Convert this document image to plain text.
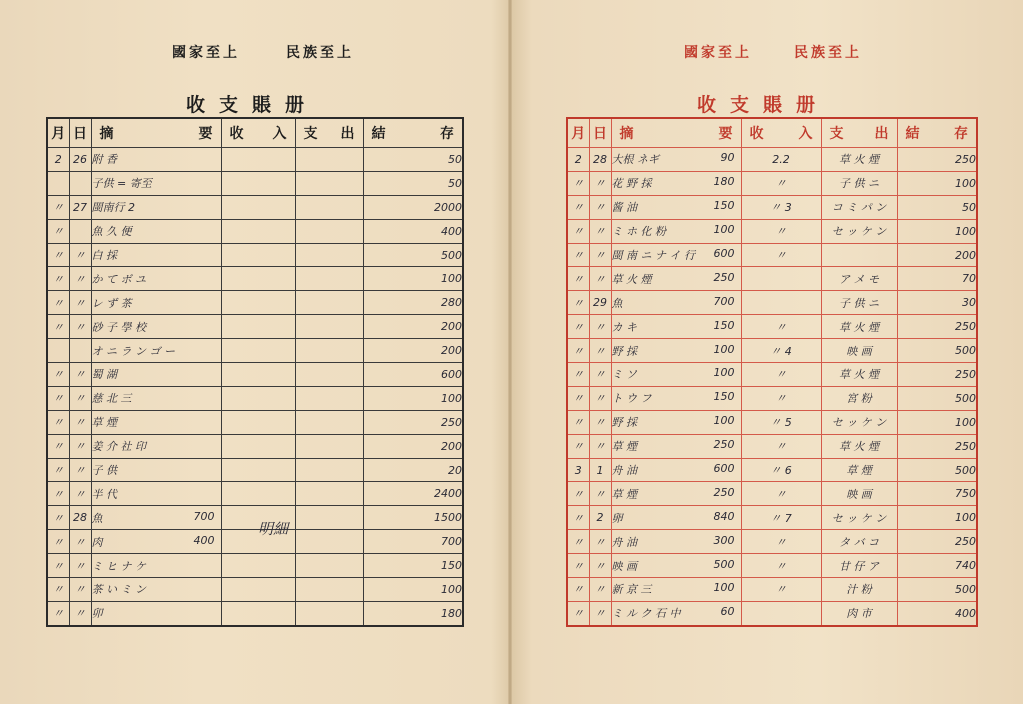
國家至上	民族至上
收支賬册
月	日	摘 要	收 入	支 出	結 存

2	26	附 香			50
		子供 = 寄至			50
〃	27	閩南行 2			2000
〃		魚 久 便			400
〃	〃	白 採			500
〃	〃	か て ボ ユ			100
〃	〃	レ ず 茶			280
〃	〃	砂 子 學 校			200
		オ ニ ラ ン ゴ ー			200
〃	〃	蜀 湖			600
〃	〃	慈 北 三			100
〃	〃	草 煙			250
〃	〃	姜 介 社 印			200
〃	〃	子 供			20
〃	〃	半 代			2400
〃	28	魚 700			1500
〃	〃	肉 400			700
〃	〃	ミ ヒ ナ ケ			150
〃	〃	茶 い ミ ン			100
〃	〃	卯			180
明細
國家至上	民族至上
收支賬册
月	日	摘 要	收 入	支 出	結 存

2	28	大根 ネギ 90	2.2	草 火 煙	250
〃	〃	花 野 採 180	〃	子 供 ニ	100
〃	〃	酱 油 150	〃 3	コ ミ パ ン	50
〃	〃	ミ ホ 化 粉 100	〃	セ ッ ケ ン	100
〃	〃	閩 南 ニ ナ イ 行 600	〃		200
〃	〃	草 火 煙 250		ア メ モ	70
〃	29	魚 700		子 供 ニ	30
〃	〃	カ キ 150	〃	草 火 煙	250
〃	〃	野 採 100	〃 4	映 画	500
〃	〃	ミ ソ 100	〃	草 火 煙	250
〃	〃	ト ウ フ 150	〃	宮 粉	500
〃	〃	野 採 100	〃 5	セ ッ ケ ン	100
〃	〃	草 煙 250	〃	草 火 煙	250
3	1	舟 油 600	〃 6	草 煙	500
〃	〃	草 煙 250	〃	映 画	750
〃	2	卵 840	〃 7	セ ッ ケ ン	100
〃	〃	舟 油 300	〃	タ バ コ	250
〃	〃	映 画 500	〃	甘 仔 ア	740
〃	〃	新 京 三 100	〃	汁 粉	500
〃	〃	ミ ル ク 石 中 60		肉 市	400
